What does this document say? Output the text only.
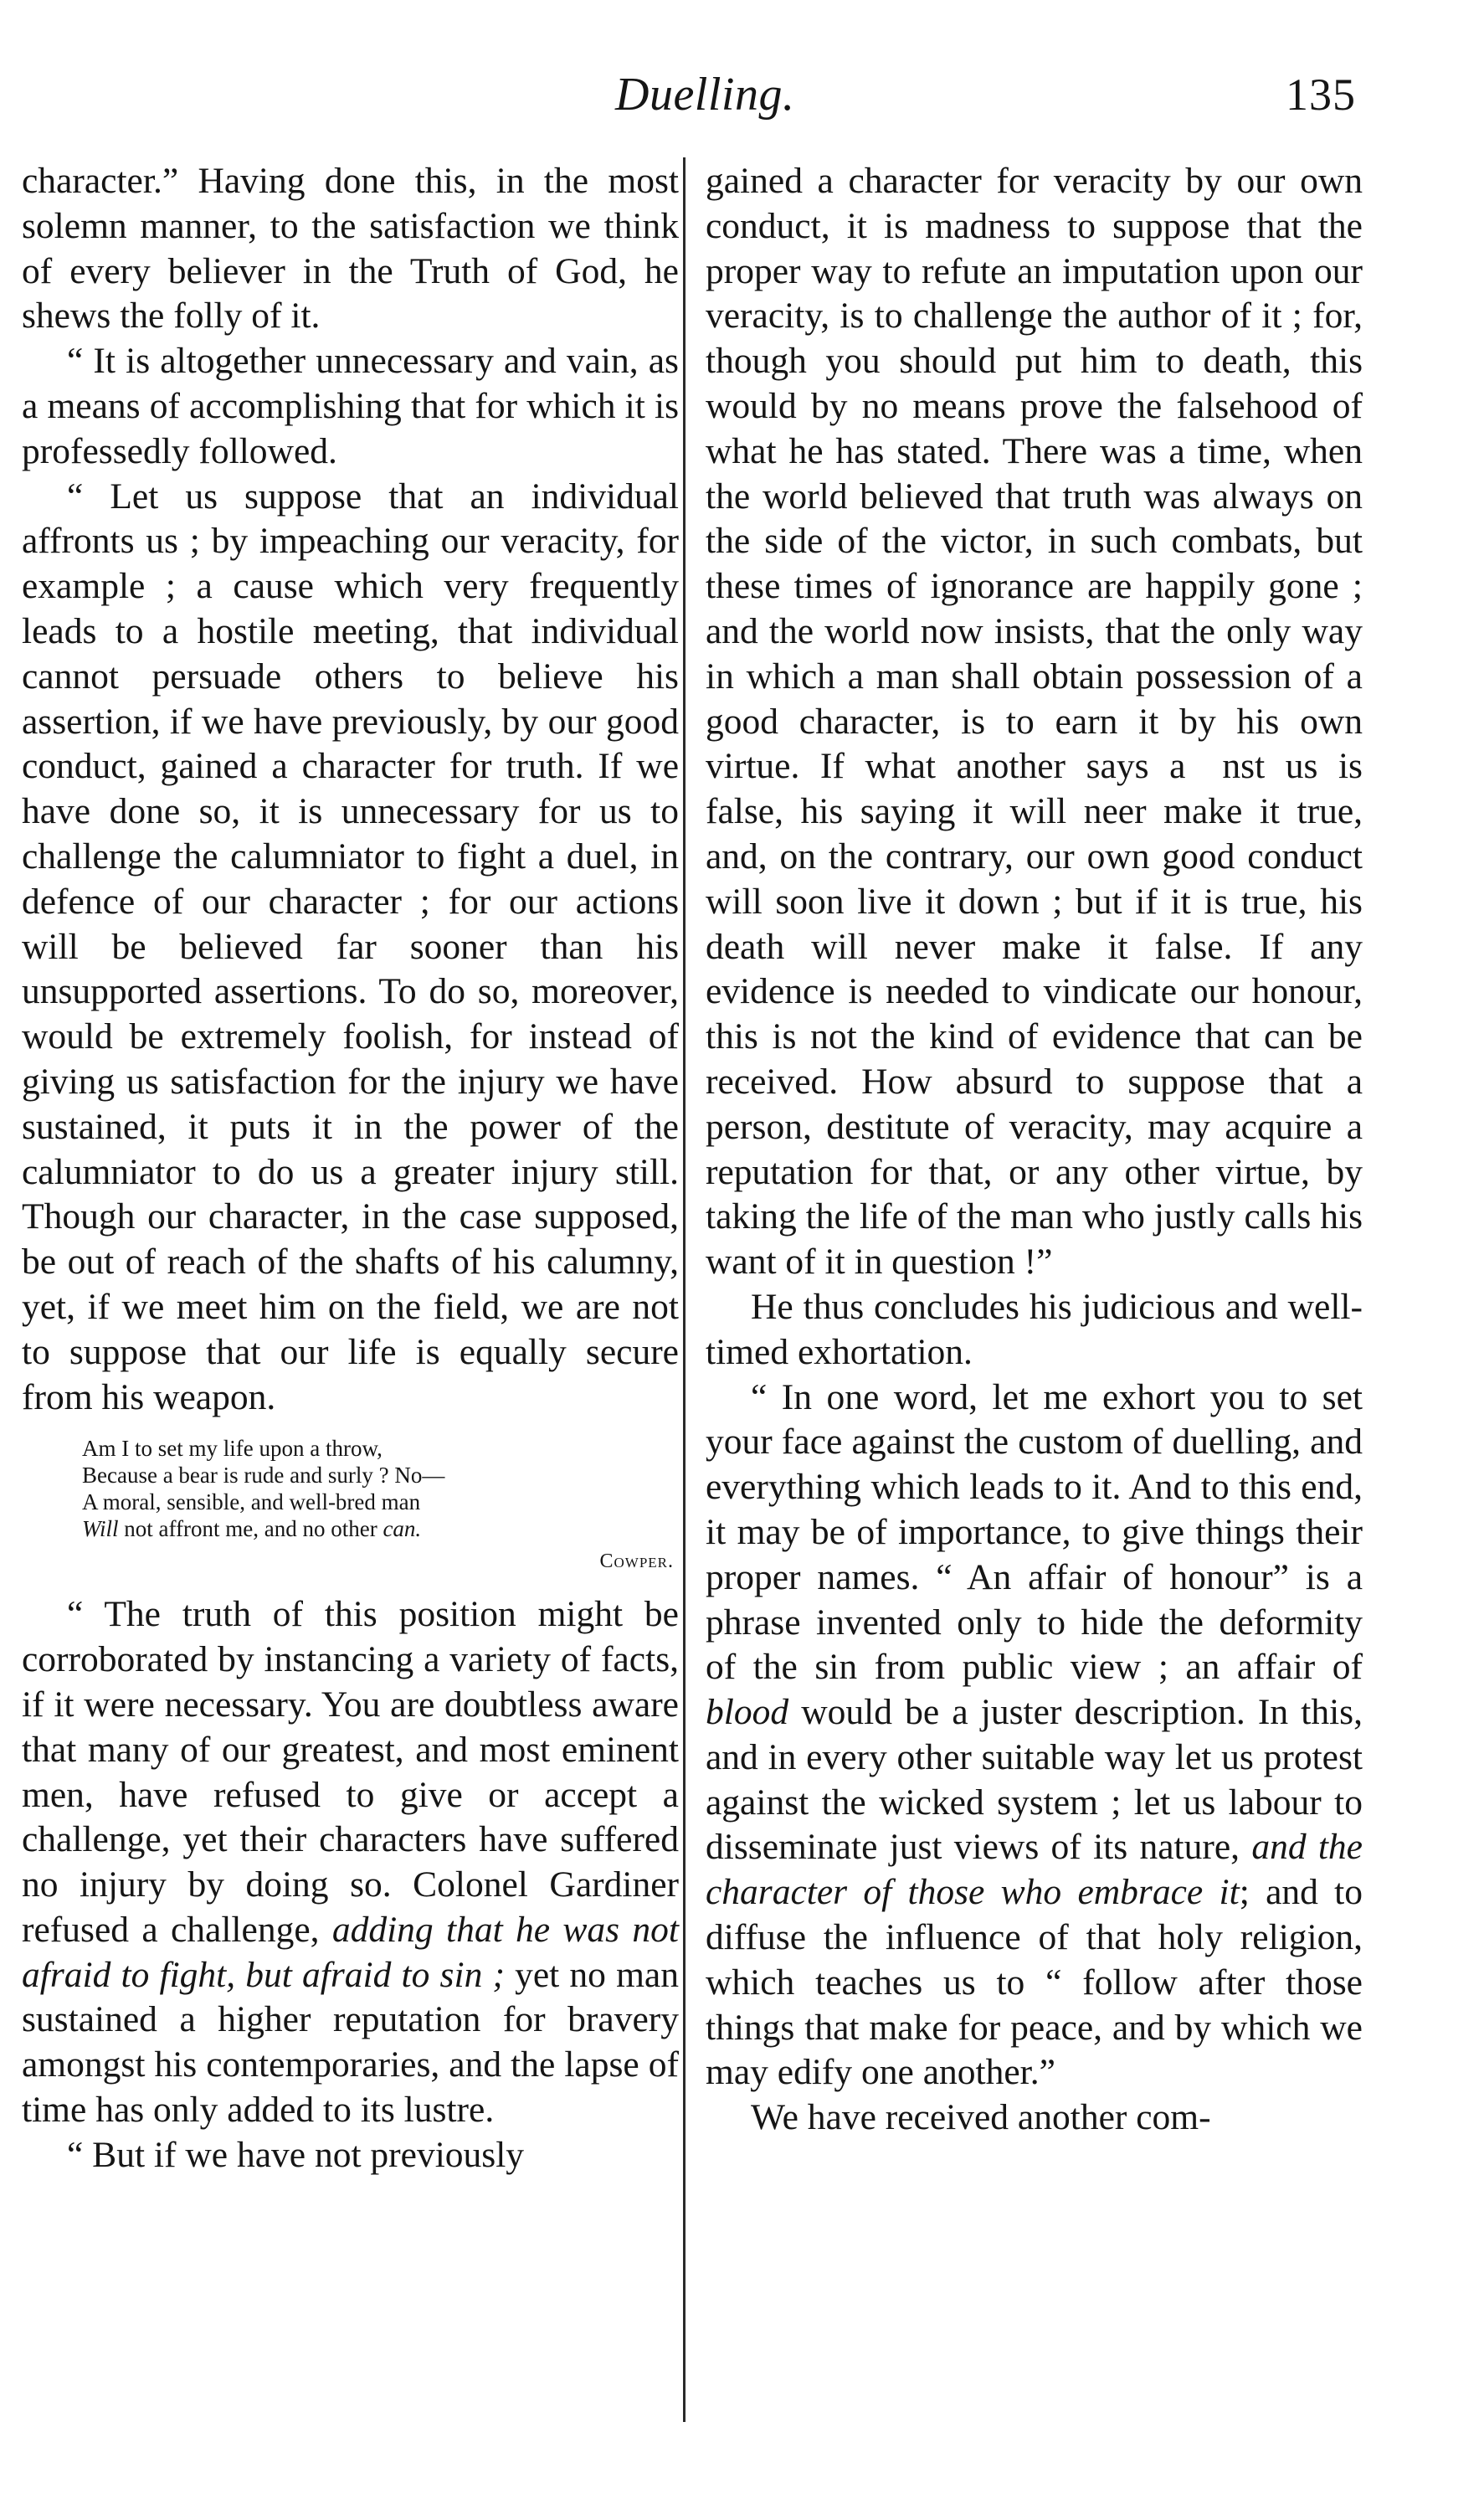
Duelling.	135

character.” Having done this, in the most solemn manner, to the satisfaction we think of every believer in the Truth of God, he shews the folly of it.

“ It is altogether unnecessary and vain, as a means of accomplishing that for which it is professedly followed.

“ Let us suppose that an individual affronts us ; by impeaching our veracity, for example ; a cause which very frequently leads to a hostile meeting, that individual cannot persuade others to believe his assertion, if we have previously, by our good conduct, gained a character for truth. If we have done so, it is unnecessary for us to challenge the calumniator to fight a duel, in defence of our character ; for our actions will be believed far sooner than his unsupported assertions. To do so, moreover, would be extremely foolish, for instead of giving us satisfaction for the injury we have sustained, it puts it in the power of the calumniator to do us a greater injury still. Though our character, in the case supposed, be out of reach of the shafts of his calumny, yet, if we meet him on the field, we are not to suppose that our life is equally secure from his weapon.

Am I to set my life upon a throw,
Because a bear is rude and surly ? No—
A moral, sensible, and well-bred man
Will not affront me, and no other can.
Cowper.

“ The truth of this position might be corroborated by instancing a variety of facts, if it were necessary. You are doubtless aware that many of our greatest, and most eminent men, have refused to give or accept a challenge, yet their characters have suffered no injury by doing so. Colonel Gardiner refused a challenge, adding that he was not afraid to fight, but afraid to sin ; yet no man sustained a higher reputation for bravery amongst his contemporaries, and the lapse of time has only added to its lustre.

“ But if we have not previously

gained a character for veracity by our own conduct, it is madness to suppose that the proper way to refute an imputation upon our veracity, is to challenge the author of it ; for, though you should put him to death, this would by no means prove the falsehood of what he has stated. There was a time, when the world believed that truth was always on the side of the victor, in such combats, but these times of ignorance are happily gone ; and the world now insists, that the only way in which a man shall obtain possession of a good character, is to earn it by his own virtue. If what another says a nst us is false, his saying it will neer make it true, and, on the contrary, our own good conduct will soon live it down ; but if it is true, his death will never make it false. If any evidence is needed to vindicate our honour, this is not the kind of evidence that can be received. How absurd to suppose that a person, destitute of veracity, may acquire a reputation for that, or any other virtue, by taking the life of the man who justly calls his want of it in question !”

He thus concludes his judicious and well-timed exhortation.

“ In one word, let me exhort you to set your face against the custom of duelling, and everything which leads to it. And to this end, it may be of importance, to give things their proper names. “ An affair of honour” is a phrase invented only to hide the deformity of the sin from public view ; an affair of blood would be a juster description. In this, and in every other suitable way let us protest against the wicked system ; let us labour to disseminate just views of its nature, and the character of those who embrace it; and to diffuse the influence of that holy religion, which teaches us to “ follow after those things that make for peace, and by which we may edify one another.”

We have received another com-
